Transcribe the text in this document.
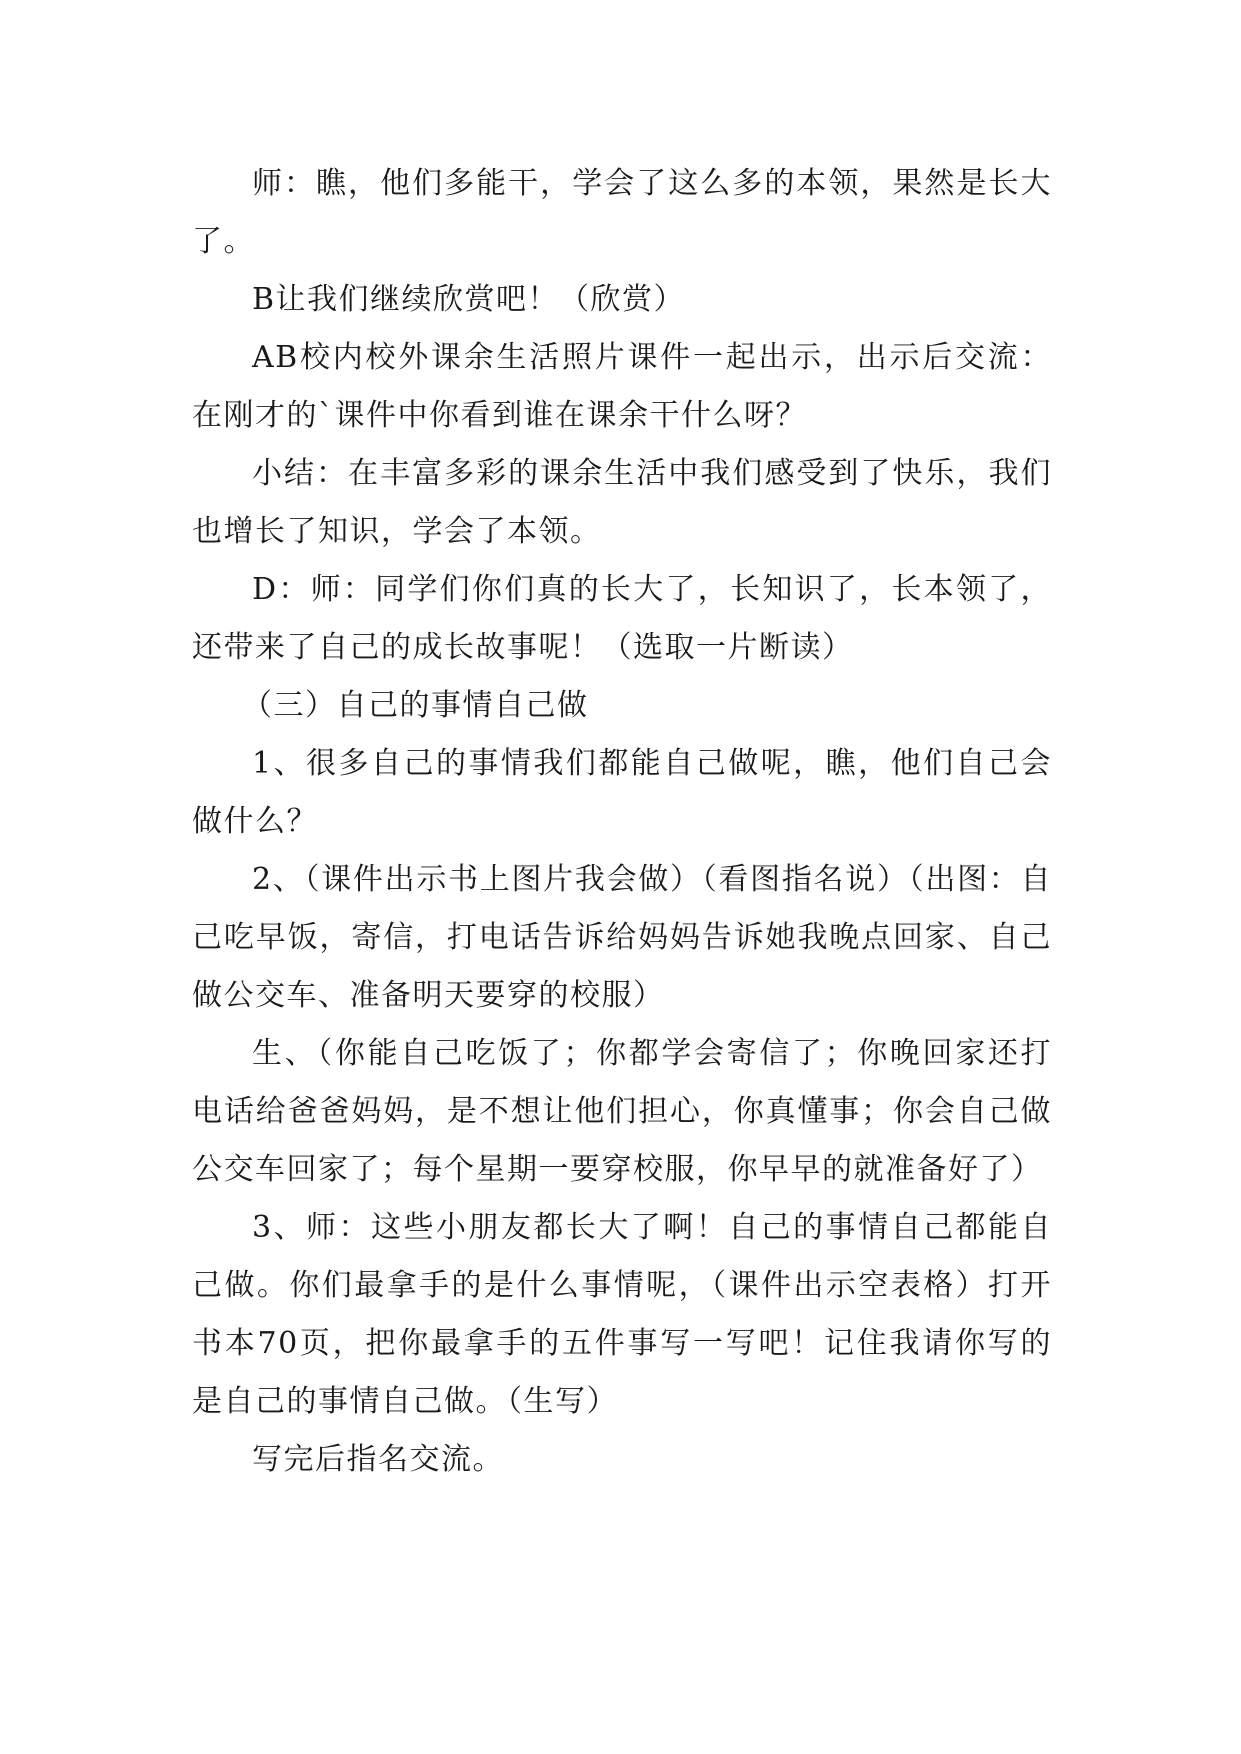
师：瞧，他们多能干，学会了这么多的本领，果然是长大了。

B让我们继续欣赏吧！（欣赏）

AB校内校外课余生活照片课件一起出示，出示后交流：在刚才的`课件中你看到谁在课余干什么呀？

小结：在丰富多彩的课余生活中我们感受到了快乐，我们也增长了知识，学会了本领。

D：师：同学们你们真的长大了，长知识了，长本领了，还带来了自己的成长故事呢！（选取一片断读）

（三）自己的事情自己做

1、很多自己的事情我们都能自己做呢，瞧，他们自己会做什么？

2、（课件出示书上图片我会做）（看图指名说）（出图：自己吃早饭，寄信，打电话告诉给妈妈告诉她我晚点回家、自己做公交车、准备明天要穿的校服）

生、（你能自己吃饭了；你都学会寄信了；你晚回家还打电话给爸爸妈妈，是不想让他们担心，你真懂事；你会自己做公交车回家了；每个星期一要穿校服，你早早的就准备好了）

3、师：这些小朋友都长大了啊！自己的事情自己都能自己做。你们最拿手的是什么事情呢，（课件出示空表格）打开书本70页，把你最拿手的五件事写一写吧！记住我请你写的是自己的事情自己做。（生写）

写完后指名交流。
